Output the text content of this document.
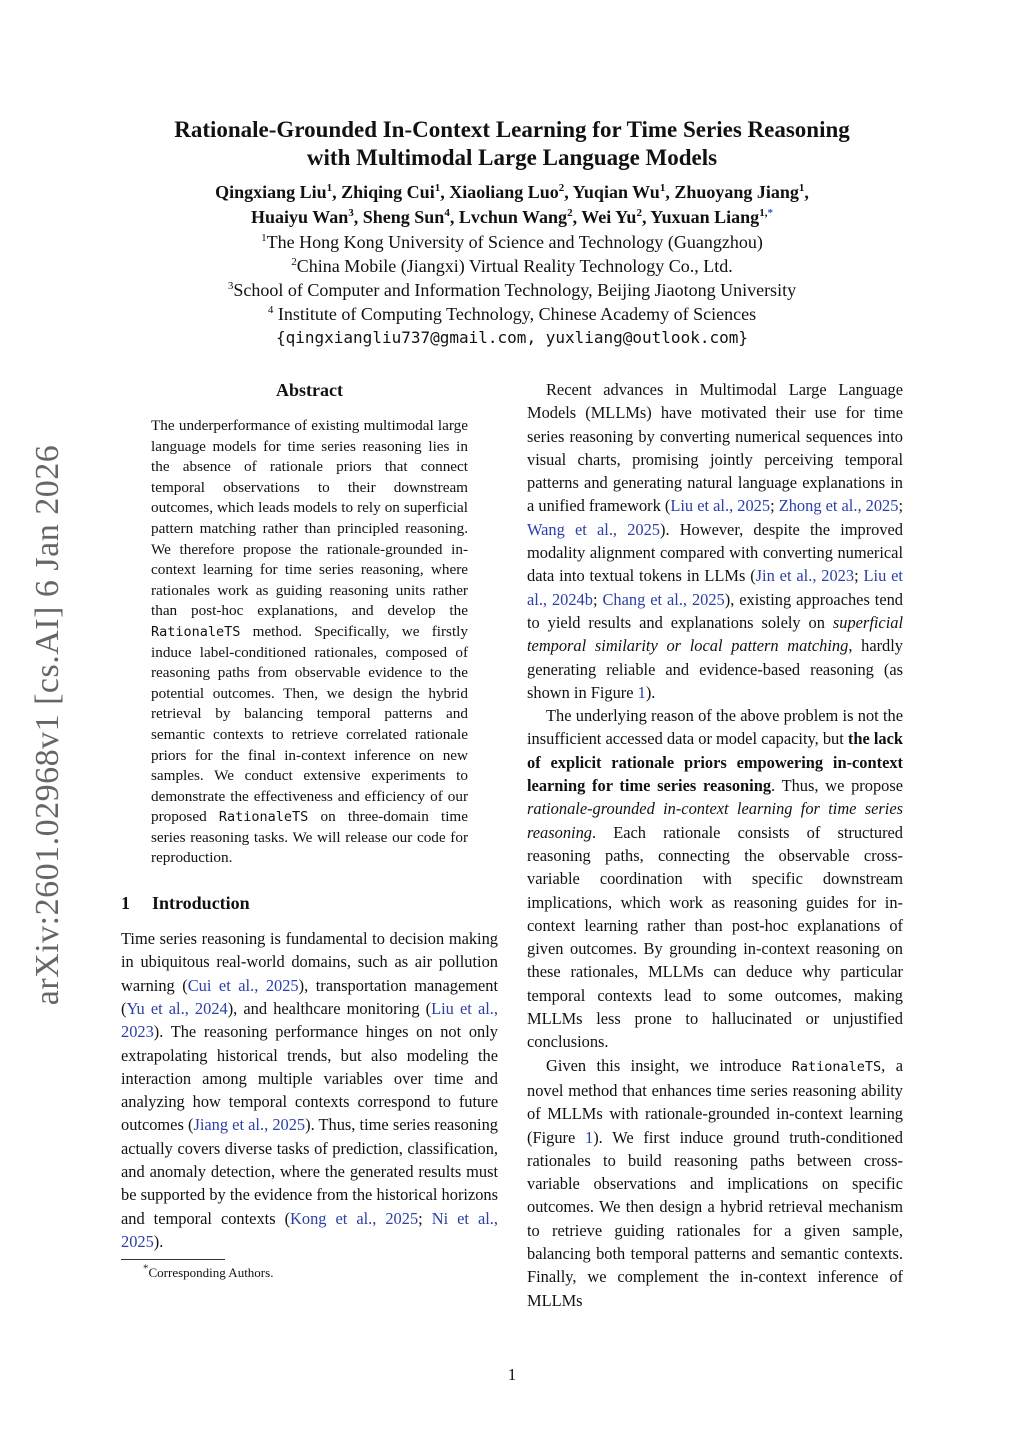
arXiv:2601.02968v1 [cs.AI] 6 Jan 2026
Rationale-Grounded In-Context Learning for Time Series Reasoning
with Multimodal Large Language Models
Qingxiang Liu$^1$, Zhiqing Cui$^1$, Xiaoliang Luo$^2$, Yuqian Wu$^1$, Zhuoyang Jiang$^1$,
Huaiyu Wan$^3$, Sheng Sun$^4$, Lvchun Wang$^2$, Wei Yu$^2$, Yuxuan Liang$^{1,*}$
$^1$The Hong Kong University of Science and Technology (Guangzhou)
$^2$China Mobile (Jiangxi) Virtual Reality Technology Co., Ltd.
$^3$School of Computer and Information Technology, Beijing Jiaotong University
$^4$ Institute of Computing Technology, Chinese Academy of Sciences
{qingxiangliu737@gmail.com, yuxliang@outlook.com}
Abstract

The underperformance of existing multimodal large language models for time series reasoning lies in the absence of rationale priors that connect temporal observations to their downstream outcomes, which leads models to rely on superficial pattern matching rather than principled reasoning. We therefore propose the rationale-grounded in-context learning for time series reasoning, where rationales work as guiding reasoning units rather than post-hoc explanations, and develop the RationaleTS method. Specifically, we firstly induce label-conditioned rationales, composed of reasoning paths from observable evidence to the potential outcomes. Then, we design the hybrid retrieval by balancing temporal patterns and semantic contexts to retrieve correlated rationale priors for the final in-context inference on new samples. We conduct extensive experiments to demonstrate the effectiveness and efficiency of our proposed RationaleTS on three-domain time series reasoning tasks. We will release our code for reproduction.

1 Introduction

Time series reasoning is fundamental to decision making in ubiquitous real-world domains, such as air pollution warning (Cui et al., 2025), transportation management (Yu et al., 2024), and healthcare monitoring (Liu et al., 2023). The reasoning performance hinges on not only extrapolating historical trends, but also modeling the interaction among multiple variables over time and analyzing how temporal contexts correspond to future outcomes (Jiang et al., 2025). Thus, time series reasoning actually covers diverse tasks of prediction, classification, and anomaly detection, where the generated results must be supported by the evidence from the historical horizons and temporal contexts (Kong et al., 2025; Ni et al., 2025).

*Corresponding Authors.

Recent advances in Multimodal Large Language Models (MLLMs) have motivated their use for time series reasoning by converting numerical sequences into visual charts, promising jointly perceiving temporal patterns and generating natural language explanations in a unified framework (Liu et al., 2025; Zhong et al., 2025; Wang et al., 2025). However, despite the improved modality alignment compared with converting numerical data into textual tokens in LLMs (Jin et al., 2023; Liu et al., 2024b; Chang et al., 2025), existing approaches tend to yield results and explanations solely on superficial temporal similarity or local pattern matching, hardly generating reliable and evidence-based reasoning (as shown in Figure 1).

The underlying reason of the above problem is not the insufficient accessed data or model capacity, but the lack of explicit rationale priors empowering in-context learning for time series reasoning. Thus, we propose rationale-grounded in-context learning for time series reasoning. Each rationale consists of structured reasoning paths, connecting the observable cross-variable coordination with specific downstream implications, which work as reasoning guides for in-context learning rather than post-hoc explanations of given outcomes. By grounding in-context reasoning on these rationales, MLLMs can deduce why particular temporal contexts lead to some outcomes, making MLLMs less prone to hallucinated or unjustified conclusions.

Given this insight, we introduce RationaleTS, a novel method that enhances time series reasoning ability of MLLMs with rationale-grounded in-context learning (Figure 1). We first induce ground truth-conditioned rationales to build reasoning paths between cross-variable observations and implications on specific outcomes. We then design a hybrid retrieval mechanism to retrieve guiding rationales for a given sample, balancing both temporal patterns and semantic contexts. Finally, we complement the in-context inference of MLLMs

1
